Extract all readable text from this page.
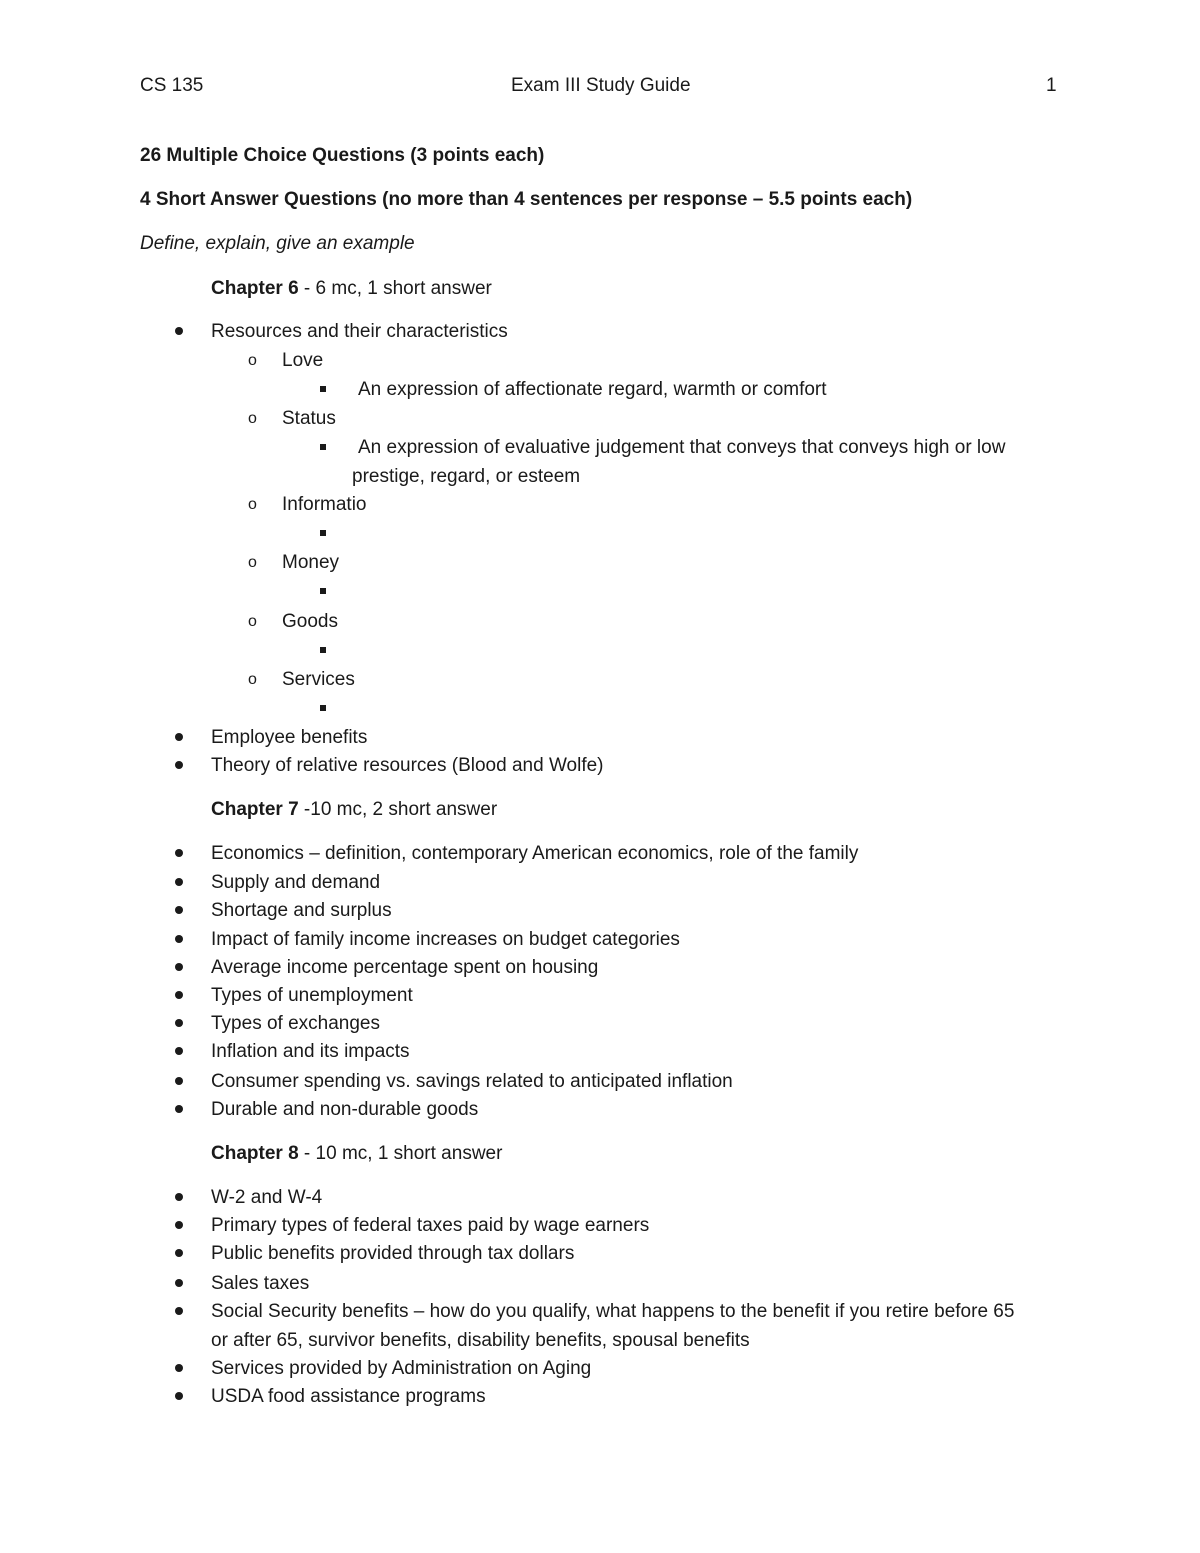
CS 135	Exam III Study Guide	1
26 Multiple Choice Questions (3 points each)
4 Short Answer Questions (no more than 4 sentences per response – 5.5 points each)
Define, explain, give an example
Chapter 6 - 6 mc, 1 short answer
Resources and their characteristics
o Love
An expression of affectionate regard, warmth or comfort
o Status
An expression of evaluative judgement that conveys that conveys high or low
prestige, regard, or esteem
o Informatio
o Money
o Goods
o Services
Employee benefits
Theory of relative resources (Blood and Wolfe)
Chapter 7 -10 mc, 2 short answer
Economics – definition, contemporary American economics, role of the family
Supply and demand
Shortage and surplus
Impact of family income increases on budget categories
Average income percentage spent on housing
Types of unemployment
Types of exchanges
Inflation and its impacts
Consumer spending vs. savings related to anticipated inflation
Durable and non-durable goods
Chapter 8 - 10 mc, 1 short answer
W-2 and W-4
Primary types of federal taxes paid by wage earners
Public benefits provided through tax dollars
Sales taxes
Social Security benefits – how do you qualify, what happens to the benefit if you retire before 65
or after 65, survivor benefits, disability benefits, spousal benefits
Services provided by Administration on Aging
USDA food assistance programs
